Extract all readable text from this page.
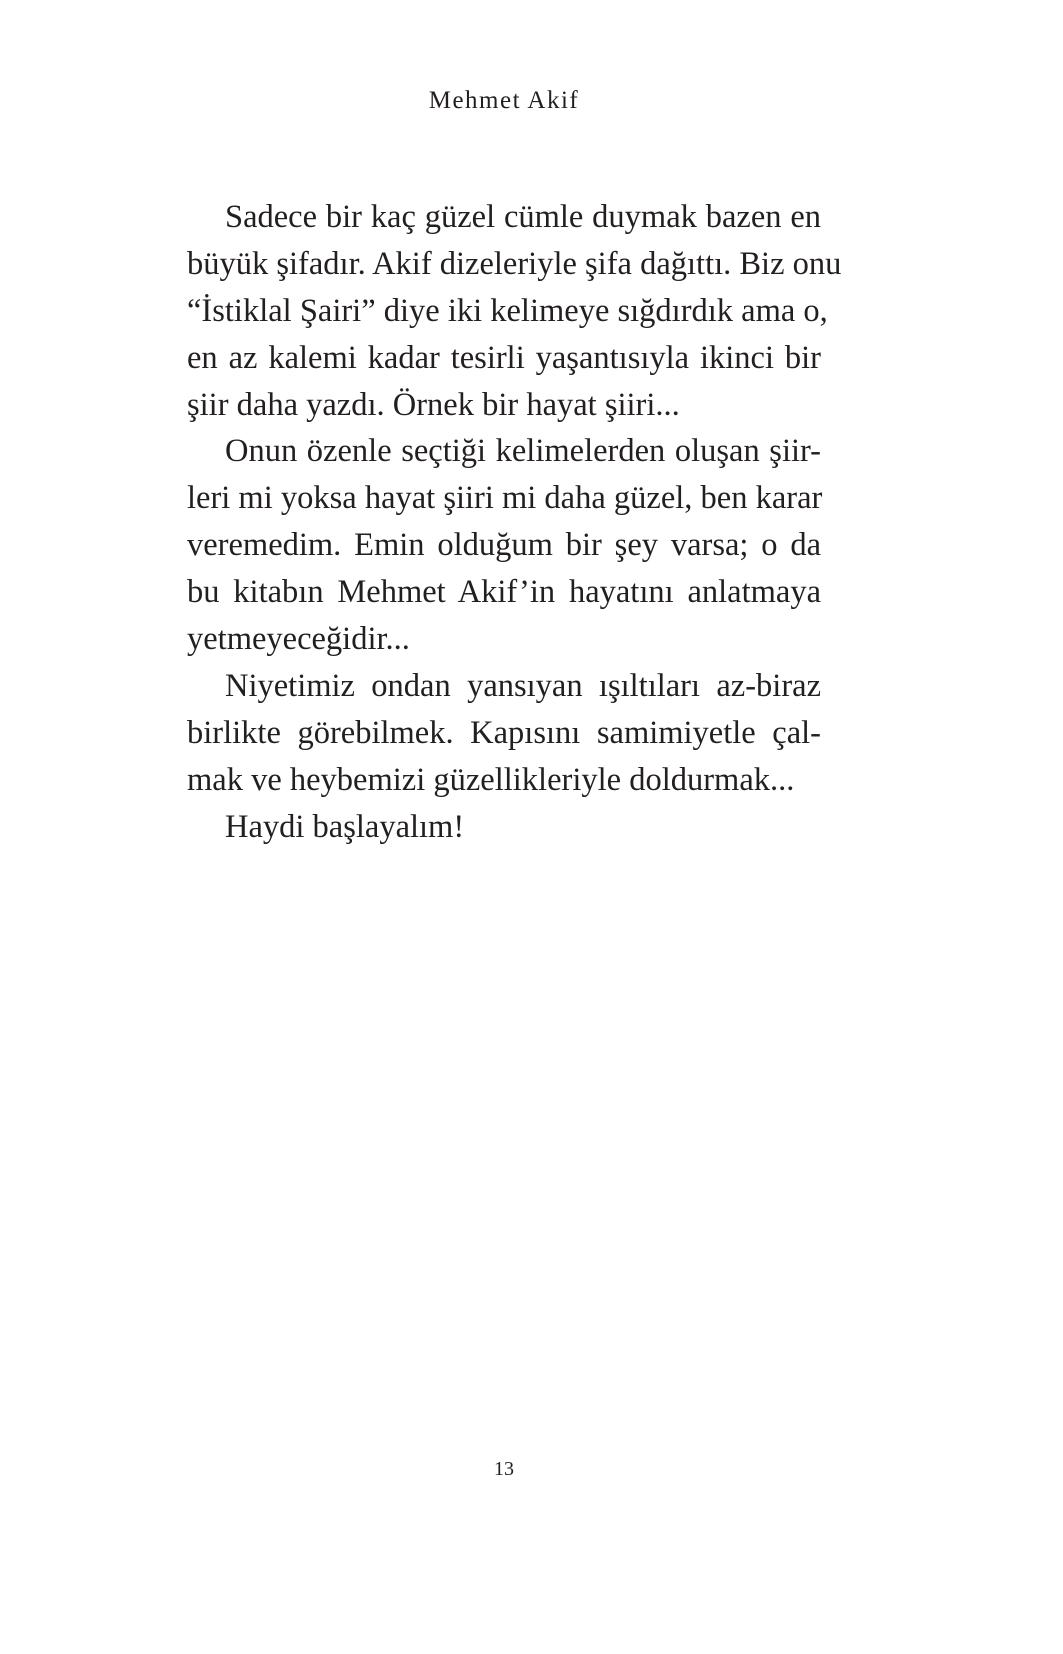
Mehmet Akif
Sadece bir kaç güzel cümle duymak bazen en
büyük şifadır. Akif dizeleriyle şifa dağıttı. Biz onu
“İstiklal Şairi” diye iki kelimeye sığdırdık ama o,
en az kalemi kadar tesirli yaşantısıyla ikinci bir
şiir daha yazdı. Örnek bir hayat şiiri...
Onun özenle seçtiği kelimelerden oluşan şiir-
leri mi yoksa hayat şiiri mi daha güzel, ben karar
veremedim. Emin olduğum bir şey varsa; o da
bu kitabın Mehmet Akif’in hayatını anlatmaya
yetmeyeceğidir...
Niyetimiz ondan yansıyan ışıltıları az-biraz
birlikte görebilmek. Kapısını samimiyetle çal-
mak ve heybemizi güzellikleriyle doldurmak...
Haydi başlayalım!
13
